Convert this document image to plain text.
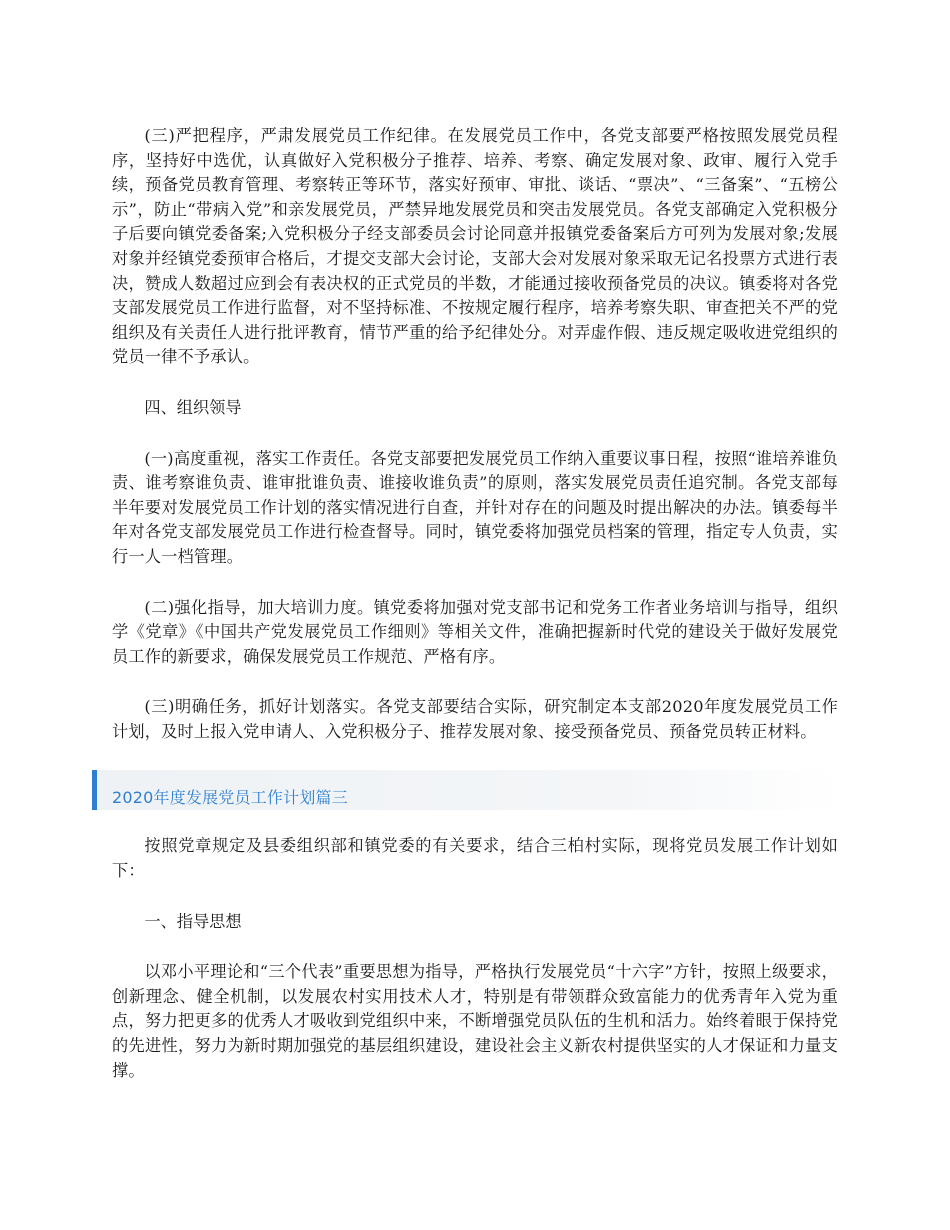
(三)严把程序，严肃发展党员工作纪律。在发展党员工作中，各党支部要严格按照发展党员程序，坚持好中选优，认真做好入党积极分子推荐、培养、考察、确定发展对象、政审、履行入党手续，预备党员教育管理、考察转正等环节，落实好预审、审批、谈话、“票决”、“三备案”、“五榜公示”，防止“带病入党”和亲发展党员，严禁异地发展党员和突击发展党员。各党支部确定入党积极分子后要向镇党委备案;入党积极分子经支部委员会讨论同意并报镇党委备案后方可列为发展对象;发展对象并经镇党委预审合格后，才提交支部大会讨论，支部大会对发展对象采取无记名投票方式进行表决，赞成人数超过应到会有表决权的正式党员的半数，才能通过接收预备党员的决议。镇委将对各党支部发展党员工作进行监督，对不坚持标准、不按规定履行程序，培养考察失职、审查把关不严的党组织及有关责任人进行批评教育，情节严重的给予纪律处分。对弄虚作假、违反规定吸收进党组织的党员一律不予承认。

四、组织领导

(一)高度重视，落实工作责任。各党支部要把发展党员工作纳入重要议事日程，按照“谁培养谁负责、谁考察谁负责、谁审批谁负责、谁接收谁负责”的原则，落实发展党员责任追究制。各党支部每半年要对发展党员工作计划的落实情况进行自查，并针对存在的问题及时提出解决的办法。镇委每半年对各党支部发展党员工作进行检查督导。同时，镇党委将加强党员档案的管理，指定专人负责，实行一人一档管理。

(二)强化指导，加大培训力度。镇党委将加强对党支部书记和党务工作者业务培训与指导，组织学《党章》《中国共产党发展党员工作细则》等相关文件，准确把握新时代党的建设关于做好发展党员工作的新要求，确保发展党员工作规范、严格有序。

(三)明确任务，抓好计划落实。各党支部要结合实际，研究制定本支部2020年度发展党员工作计划，及时上报入党申请人、入党积极分子、推荐发展对象、接受预备党员、预备党员转正材料。

2020年度发展党员工作计划篇三

按照党章规定及县委组织部和镇党委的有关要求，结合三柏村实际，现将党员发展工作计划如下：

一、指导思想

以邓小平理论和“三个代表”重要思想为指导，严格执行发展党员“十六字”方针，按照上级要求，创新理念、健全机制，以发展农村实用技术人才，特别是有带领群众致富能力的优秀青年入党为重点，努力把更多的优秀人才吸收到党组织中来，不断增强党员队伍的生机和活力。始终着眼于保持党的先进性，努力为新时期加强党的基层组织建设，建设社会主义新农村提供坚实的人才保证和力量支撑。
